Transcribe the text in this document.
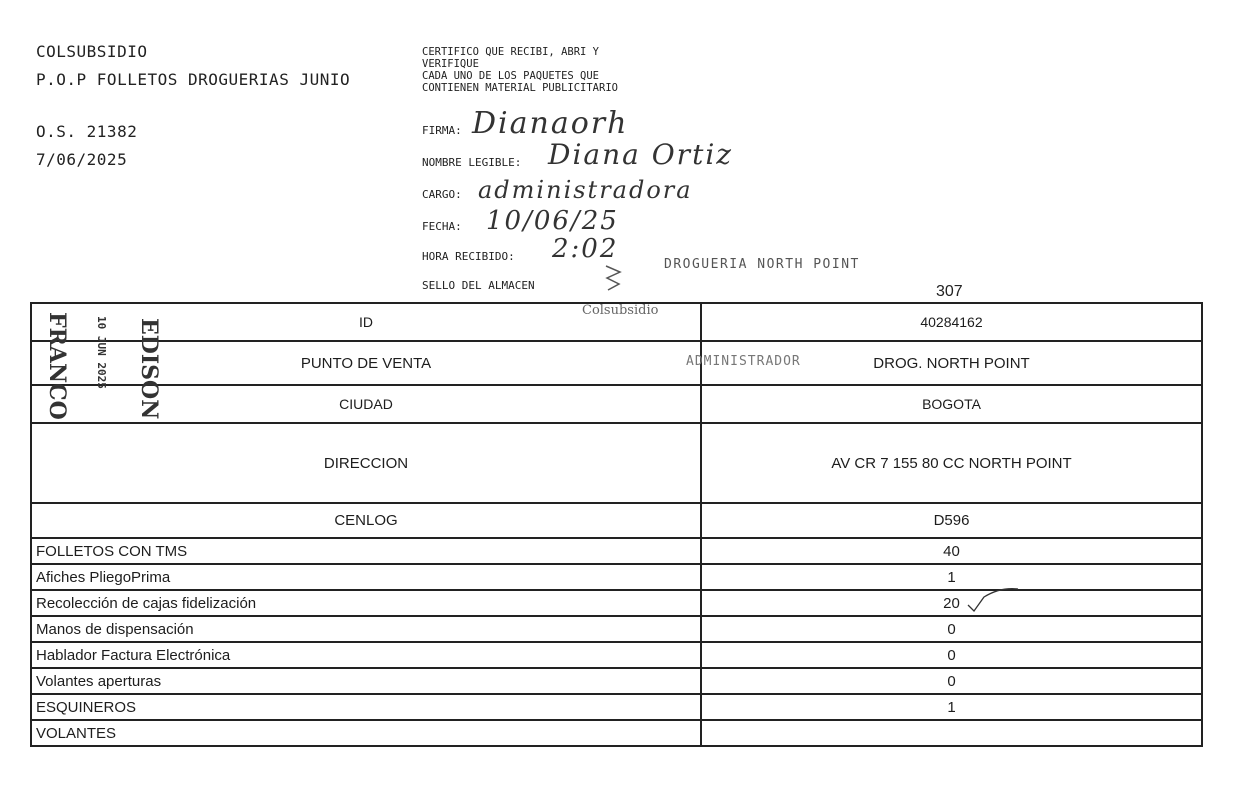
COLSUBSIDIO
P.O.P FOLLETOS DROGUERIAS JUNIO
O.S. 21382
7/06/2025
CERTIFICO QUE RECIBI, ABRI Y
VERIFIQUE
CADA UNO DE LOS PAQUETES QUE
CONTIENEN MATERIAL PUBLICITARIO
FIRMA: Dianaorh
NOMBRE LEGIBLE: Diana Ortiz
CARGO: administradora
FECHA: 10/06/25
HORA RECIBIDO: 2:02
SELLO DEL ALMACEN
DROGUERIA NORTH POINT
Colsubsidio
307
ID	40284162
PUNTO DE VENTA	ADMINISTRADOR DROG. NORTH POINT
CIUDAD	BOGOTA
DIRECCION	AV CR 7 155 80 CC NORTH POINT
CENLOG	D596
FOLLETOS CON TMS	40
Afiches PliegoPrima	1
Recolección de cajas fidelización	20

Manos de dispensación	0
Hablador Factura Electrónica	0
Volantes aperturas	0
ESQUINEROS	1
VOLANTES	
FRANCO 10 JUN 2025 EDISON
